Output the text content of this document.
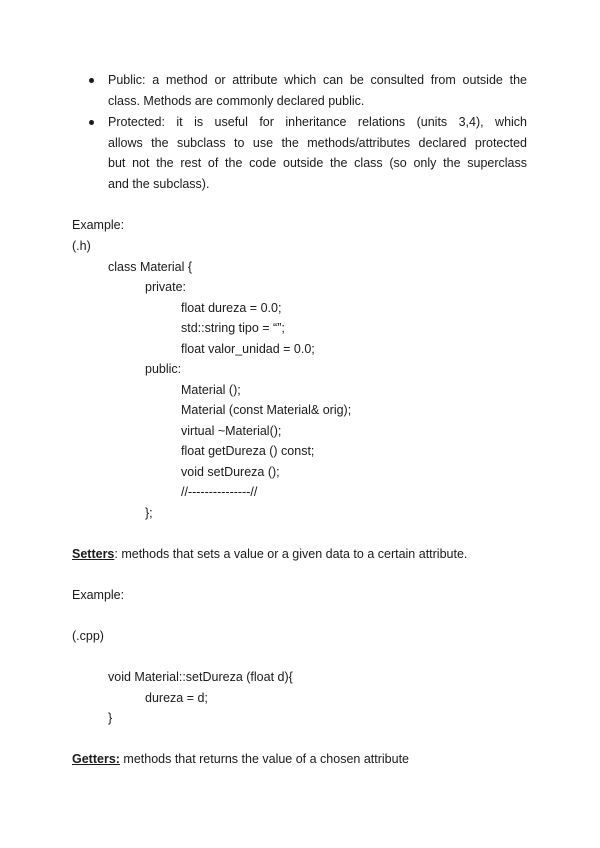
Public: a method or attribute which can be consulted from outside the
class. Methods are commonly declared public.
Protected: it is useful for inheritance relations (units 3,4), which
allows the subclass to use the methods/attributes declared protected
but not the rest of the code outside the class (so only the superclass
and the subclass).
Example:
(.h)
class Material {
private:
float dureza = 0.0;
std::string tipo = “”;
float valor_unidad = 0.0;
public:
Material ();
Material (const Material& orig);
virtual ~Material();
float getDureza () const;
void setDureza ();
//---------------//
};
Setters: methods that sets a value or a given data to a certain attribute.
Example:
(.cpp)
void Material::setDureza (float d){
dureza = d;
}
Getters: methods that returns the value of a chosen attribute
